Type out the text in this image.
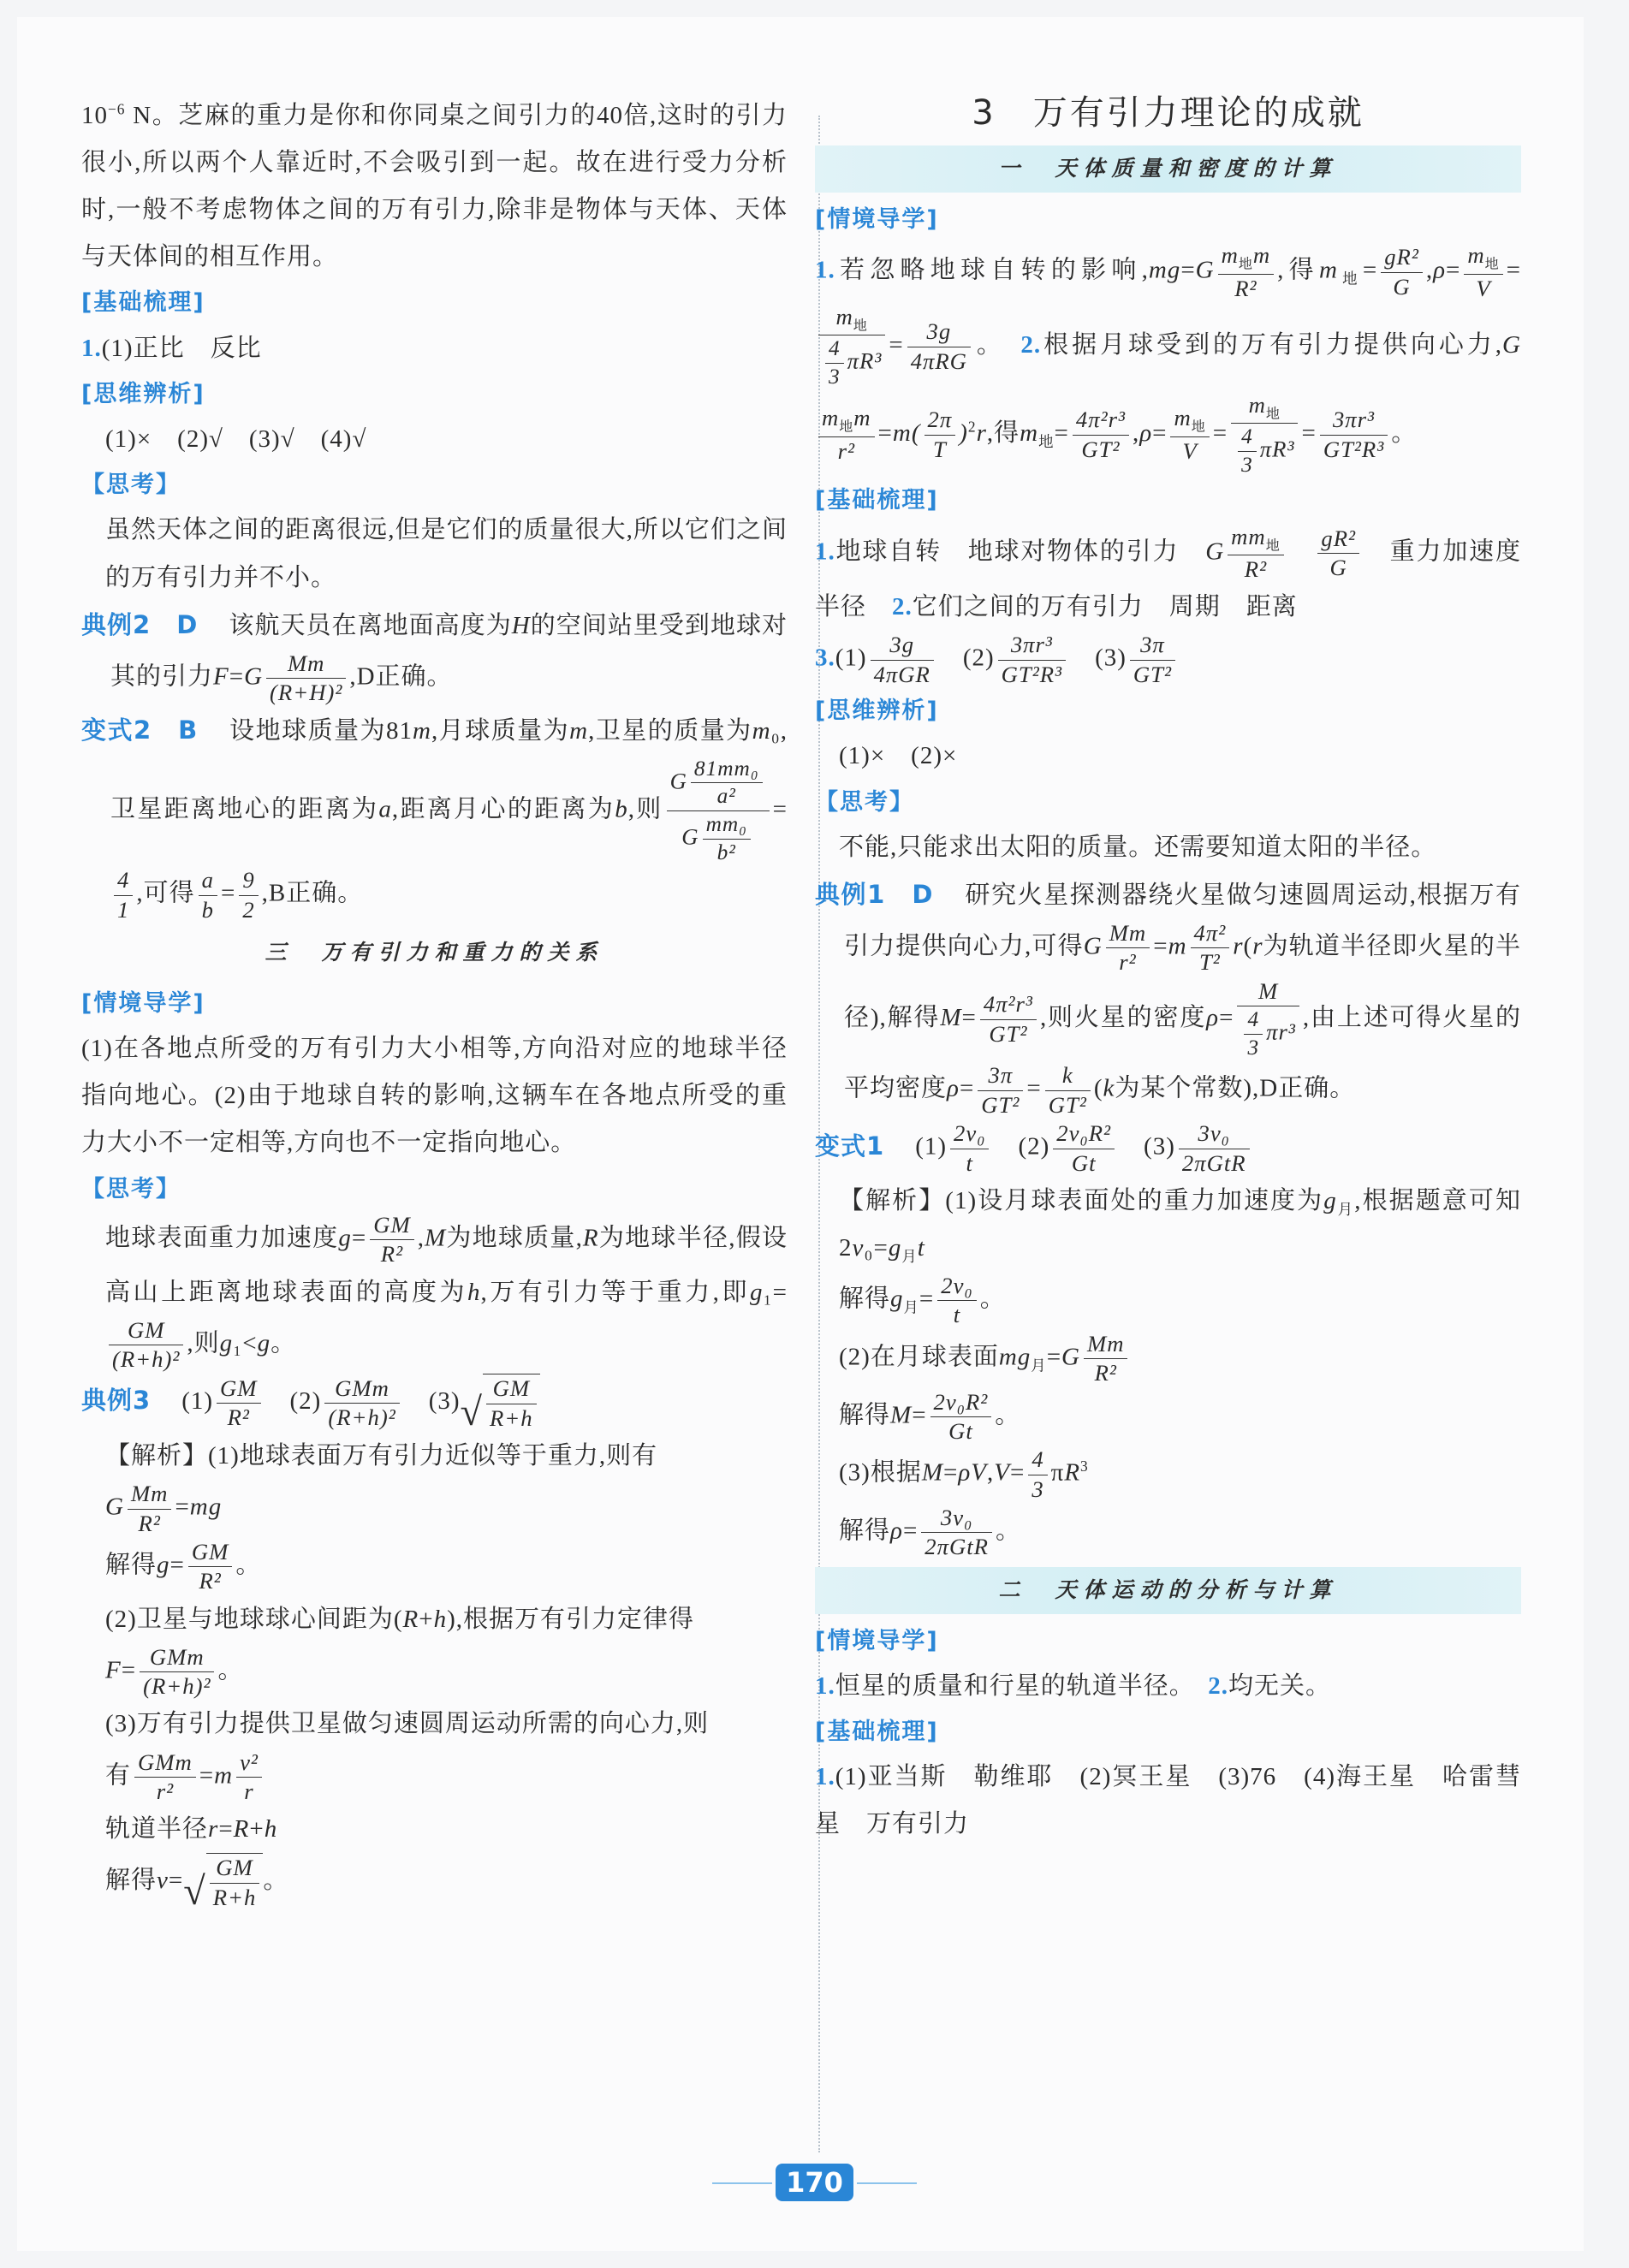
$10^{-6}$ N。芝麻的重力是你和你同桌之间引力的40倍,这时的引力很小,所以两个人靠近时,不会吸引到一起。故在进行受力分析时,一般不考虑物体之间的万有引力,除非是物体与天体、天体与天体间的相互作用。

[基础梳理]

1.(1)正比　反比

[思维辨析]

(1)×　(2)√　(3)√　(4)√

【思考】

虽然天体之间的距离很远,但是它们的质量很大,所以它们之间的万有引力并不小。

典例2　D　该航天员在离地面高度为H的空间站里受到地球对其的引力$F=G \frac{Mm}{\text{(R+H)²}} ,D$正确。

变式2　B　设地球质量为81m,月球质量为m,卫星的质量为m₀,卫星距离地心的距离为a,距离月心的距离为b,则 $\frac{G \frac{\text{81mm₀}}{\text{a²}}}{G \frac{\text{mm₀}}{\text{b²}}}$ =
$\frac{4}{1}$ ,可得 $\frac{a}{b} = \frac{9}{2} ,B$正确。

三　万有引力和重力的关系
[情境导学]

(1)在各地点所受的万有引力大小相等,方向沿对应的地球半径指向地心。(2)由于地球自转的影响,这辆车在各地点所受的重力大小不一定相等,方向也不一定指向地心。

【思考】

地球表面重力加速度$g= \frac{GM}{\text{R²}} ,M$为地球质量,R为地球半径,假设高山上距离地球表面的高度为h,万有引力等于重力,即g₁=
$\frac{GM}{\text{(R+h)²}}$ ,则g₁<g。

典例3　$(1) \frac{GM}{\text{R²}}$ 　$(2) \frac{\text{GMm}}{\text{(R+h)²}}$ 　(3) √ $\frac{GM}{R+h}$

【解析】(1)地球表面万有引力近似等于重力,则有

G $\frac{Mm}{\text{R²}} =mg$

解得$g= \frac{GM}{\text{R²}}$ 。

(2)卫星与地球球心间距为(R+h),根据万有引力定律得

$F= \frac{\text{GMm}}{\text{(R+h)²}}$ 。

(3)万有引力提供卫星做匀速圆周运动所需的向心力,则

有 $\frac{\text{GMm}}{\text{r²}} =m \frac{\text{v²}}{r}$

轨道半径r=R+h

解得v= √ $\frac{GM}{R+h}$ 。

3　万有引力理论的成就
一　天体质量和密度的计算
[情境导学]

1.若忽略地球自转的影响$,mg=G \frac{m_地m}{\text{R²}}$ ,得$m_地= \frac{\text{gR²}}{G} ,\rho= \frac{m_地}{V}$ =
$\frac{m_地}{\frac{4}{3} \pi R^3} = \frac{3g}{\text{4πRG}}$ 。　2.根据月球受到的万有引力提供向心力,G
$\frac{m_地m}{\text{r²}} =m( \frac{2\pi}{T} )^2r$,得$m_地= \frac{\text{4π²r³}}{\text{GT²}} ,\rho= \frac{m_地}{V} = \frac{m_地}{\frac{4}{3} \pi R^3} = \frac{\text{3πr³}}{\text{GT²R³}}$ 。

[基础梳理]

1.地球自转　地球对物体的引力　G $\frac{mm_地}{\text{R²}}$
　 $\frac{\text{gR²}}{G}$ 　重力加速度　半径　2.它们之间的万有引力　周期　距离

$3.(1) \frac{3g}{\text{4πGR}}$ 　$(2) \frac{\text{3πr³}}{\text{GT²R³}}$ 　$(3) \frac{3\pi}{\text{GT²}}$

[思维辨析]

(1)×　(2)×

【思考】

不能,只能求出太阳的质量。还需要知道太阳的半径。

典例1　D　研究火星探测器绕火星做匀速圆周运动,根据万有引力提供向心力,可得G $\frac{Mm}{\text{r²}} =m \frac{\text{4π²}}{\text{T²}} r(r$为轨道半径即火星的半径),解得$M= \frac{\text{4π²r³}}{\text{GT²}}$ ,则火星的密度$\rho= \frac{M}{\frac{4}{3} \pi r^3}$ ,由上述可得火星的平均密度$\rho= \frac{3\pi}{\text{GT²}} = \frac{k}{\text{GT²}} (k$为某个常数),D正确。

变式1　$(1) \frac{\text{2v₀}}{t}$ 　$(2) \frac{\text{2v₀R²}}{Gt}$ 　$(3) \frac{\text{3v₀}}{\text{2πGtR}}$

【解析】(1)设月球表面处的重力加速度为$g_月$,根据题意可知$2v_0=g_月t$

解得$g_月= \frac{\text{2v₀}}{t}$ 。

(2)在月球表面$mg_月=G \frac{Mm}{\text{R²}}$

解得$M= \frac{\text{2v₀R²}}{Gt}$ 。

(3)根据$M=\rho V,V= \frac{4}{3} \pi R^3$

解得$\rho= \frac{\text{3v₀}}{\text{2πGtR}}$ 。

二　天体运动的分析与计算
[情境导学]

1.恒星的质量和行星的轨道半径。　2.均无关。

[基础梳理]

1.(1)亚当斯　勒维耶　(2)冥王星　(3)76　(4)海王星　哈雷彗星　万有引力

170
